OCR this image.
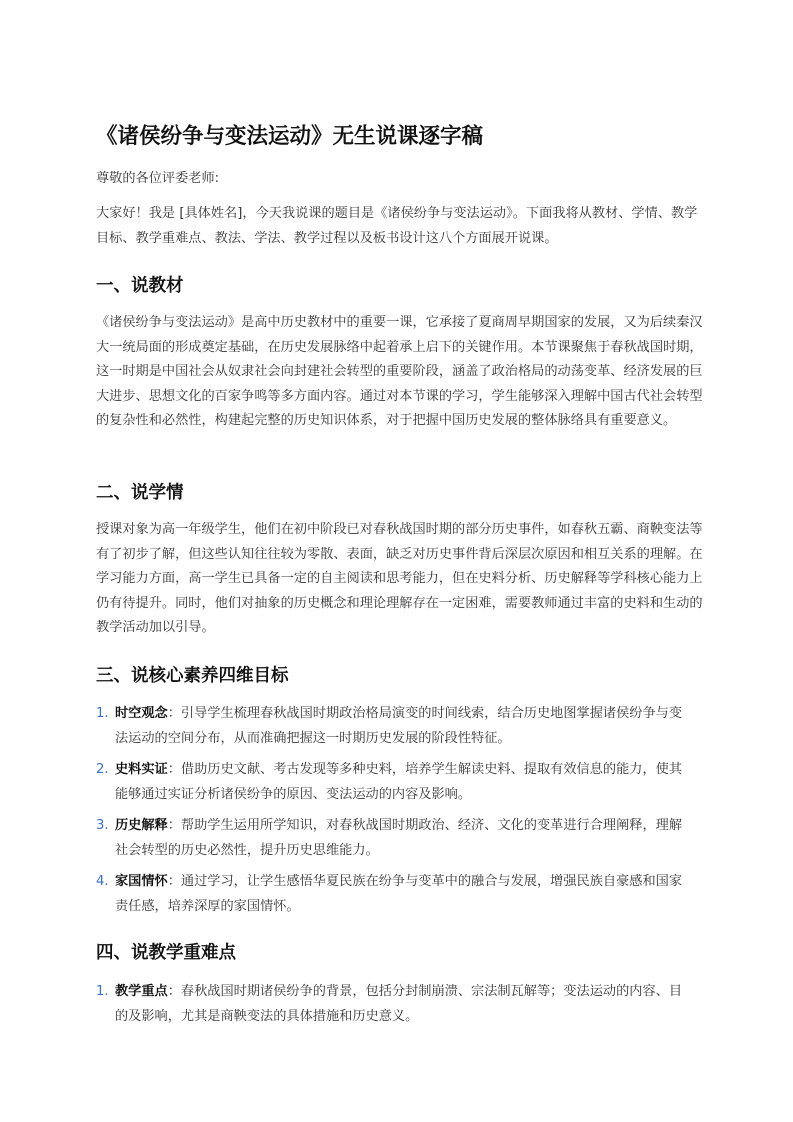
《诸侯纷争与变法运动》无生说课逐字稿

尊敬的各位评委老师:

大家好！我是 [具体姓名]，今天我说课的题目是《诸侯纷争与变法运动》。下面我将从教材、学情、教学目标、教学重难点、教法、学法、教学过程以及板书设计这八个方面展开说课。

一、说教材

《诸侯纷争与变法运动》是高中历史教材中的重要一课，它承接了夏商周早期国家的发展，又为后续秦汉大一统局面的形成奠定基础，在历史发展脉络中起着承上启下的关键作用。本节课聚焦于春秋战国时期，这一时期是中国社会从奴隶社会向封建社会转型的重要阶段，涵盖了政治格局的动荡变革、经济发展的巨大进步、思想文化的百家争鸣等多方面内容。通过对本节课的学习，学生能够深入理解中国古代社会转型的复杂性和必然性，构建起完整的历史知识体系，对于把握中国历史发展的整体脉络具有重要意义。

二、说学情

授课对象为高一年级学生，他们在初中阶段已对春秋战国时期的部分历史事件，如春秋五霸、商鞅变法等有了初步了解，但这些认知往往较为零散、表面，缺乏对历史事件背后深层次原因和相互关系的理解。在学习能力方面，高一学生已具备一定的自主阅读和思考能力，但在史料分析、历史解释等学科核心能力上仍有待提升。同时，他们对抽象的历史概念和理论理解存在一定困难，需要教师通过丰富的史料和生动的教学活动加以引导。

三、说核心素养四维目标
1. 时空观念：引导学生梳理春秋战国时期政治格局演变的时间线索，结合历史地图掌握诸侯纷争与变法运动的空间分布，从而准确把握这一时期历史发展的阶段性特征。
2. 史料实证：借助历史文献、考古发现等多种史料，培养学生解读史料、提取有效信息的能力，使其能够通过实证分析诸侯纷争的原因、变法运动的内容及影响。
3. 历史解释：帮助学生运用所学知识，对春秋战国时期政治、经济、文化的变革进行合理阐释，理解社会转型的历史必然性，提升历史思维能力。
4. 家国情怀：通过学习，让学生感悟华夏民族在纷争与变革中的融合与发展，增强民族自豪感和国家责任感，培养深厚的家国情怀。
四、说教学重难点
1. 教学重点：春秋战国时期诸侯纷争的背景，包括分封制崩溃、宗法制瓦解等；变法运动的内容、目的及影响，尤其是商鞅变法的具体措施和历史意义。
